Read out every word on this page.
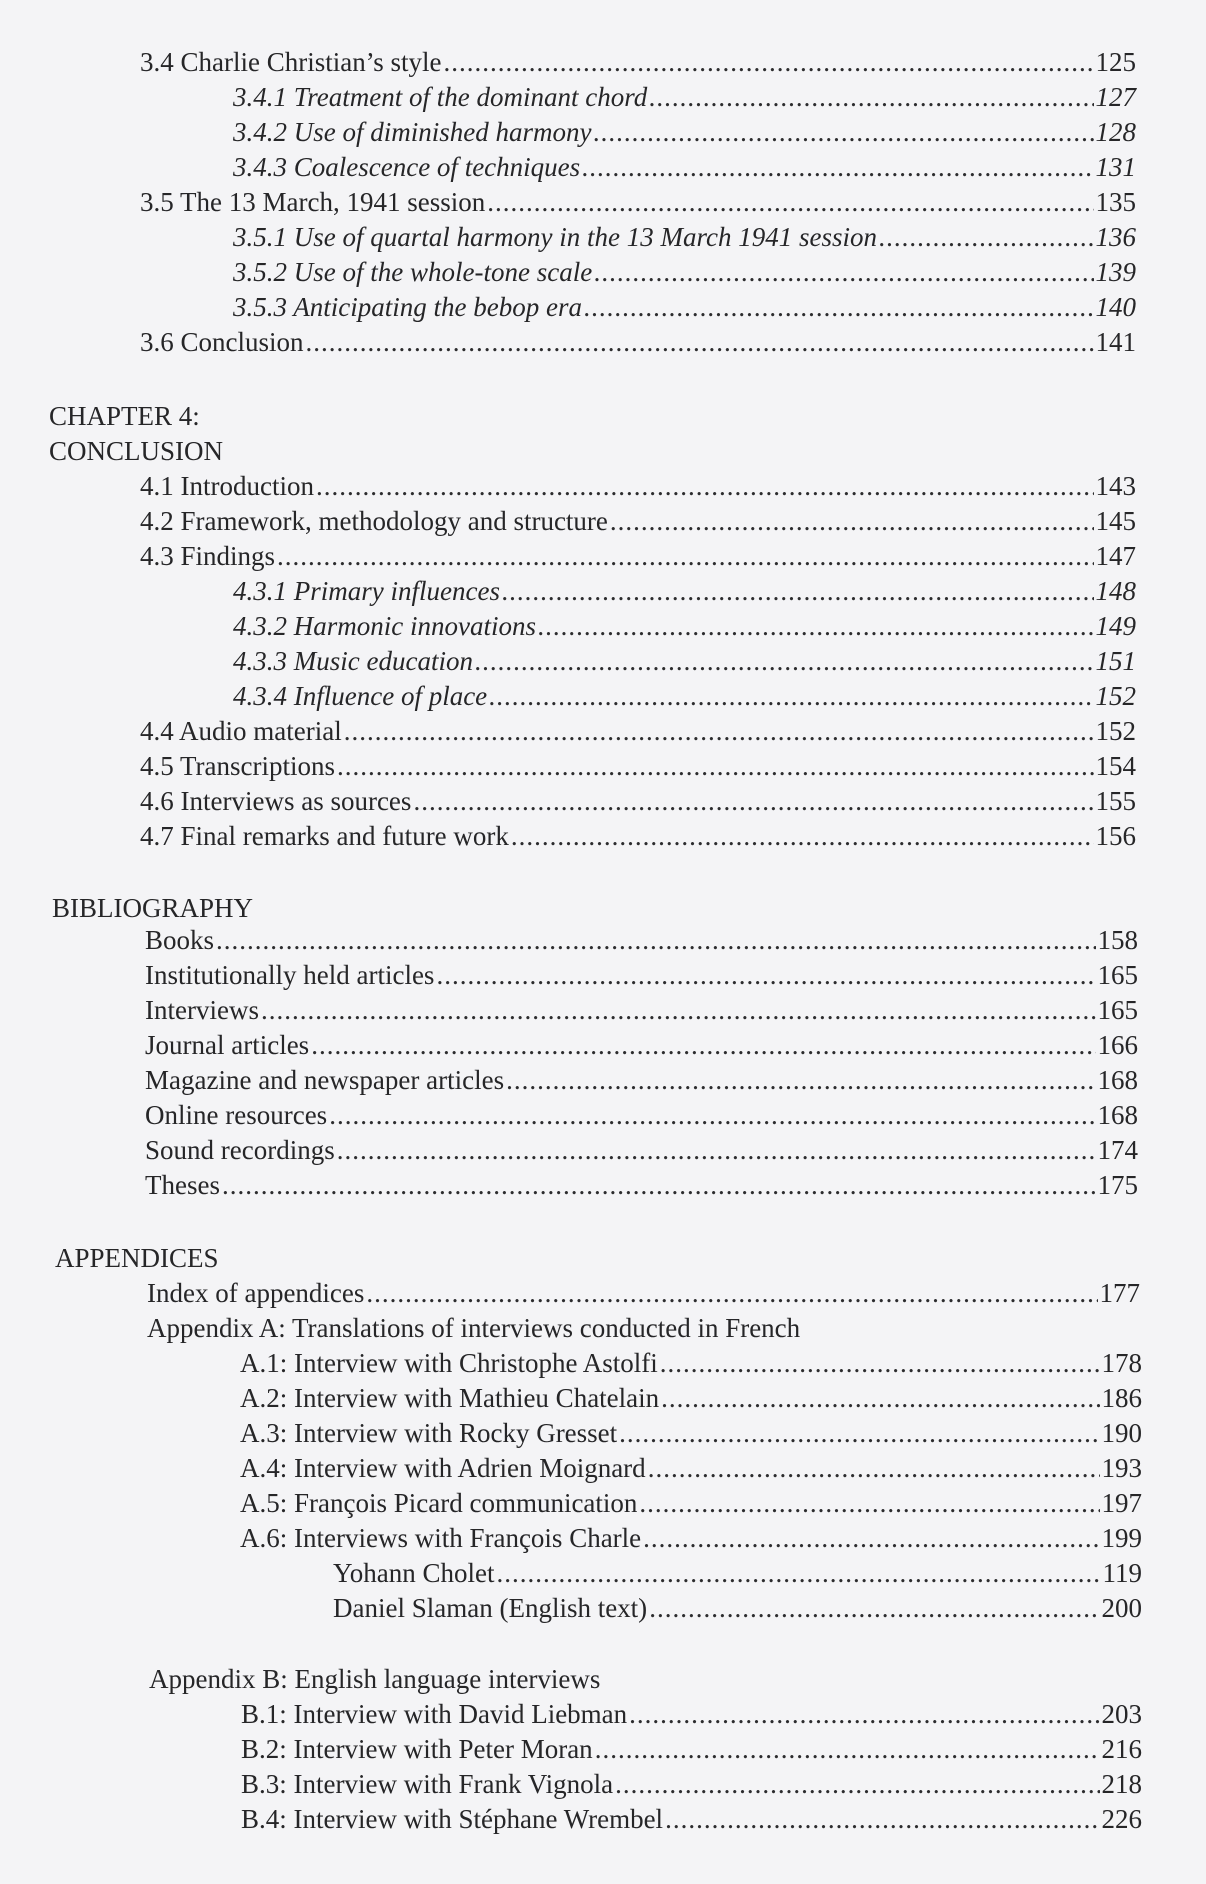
3.4 Charlie Christian’s style .....	125
3.4.1 Treatment of the dominant chord .....	127
3.4.2 Use of diminished harmony .....	128
3.4.3 Coalescence of techniques .....	131
3.5 The 13 March, 1941 session .....	135
3.5.1 Use of quartal harmony in the 13 March 1941 session .....	136
3.5.2 Use of the whole-tone scale .....	139
3.5.3 Anticipating the bebop era .....	140
3.6 Conclusion .....	141
CHAPTER 4:
CONCLUSION
4.1 Introduction .....	143
4.2 Framework, methodology and structure .....	145
4.3 Findings .....	147
4.3.1 Primary influences .....	148
4.3.2 Harmonic innovations .....	149
4.3.3 Music education .....	151
4.3.4 Influence of place .....	152
4.4 Audio material .....	152
4.5 Transcriptions .....	154
4.6 Interviews as sources .....	155
4.7 Final remarks and future work .....	156
BIBLIOGRAPHY
Books .....	158
Institutionally held articles .....	165
Interviews .....	165
Journal articles .....	166
Magazine and newspaper articles .....	168
Online resources .....	168
Sound recordings .....	174
Theses .....	175
APPENDICES
Index of appendices .....	177
Appendix A: Translations of interviews conducted in French
A.1: Interview with Christophe Astolfi .....	178
A.2: Interview with Mathieu Chatelain .....	186
A.3: Interview with Rocky Gresset .....	190
A.4: Interview with Adrien Moignard .....	193
A.5: François Picard communication .....	197
A.6: Interviews with François Charle .....	199
Yohann Cholet .....	119
Daniel Slaman (English text) .....	200
Appendix B: English language interviews
B.1: Interview with David Liebman .....	203
B.2: Interview with Peter Moran .....	216
B.3: Interview with Frank Vignola .....	218
B.4: Interview with Stéphane Wrembel .....	226
